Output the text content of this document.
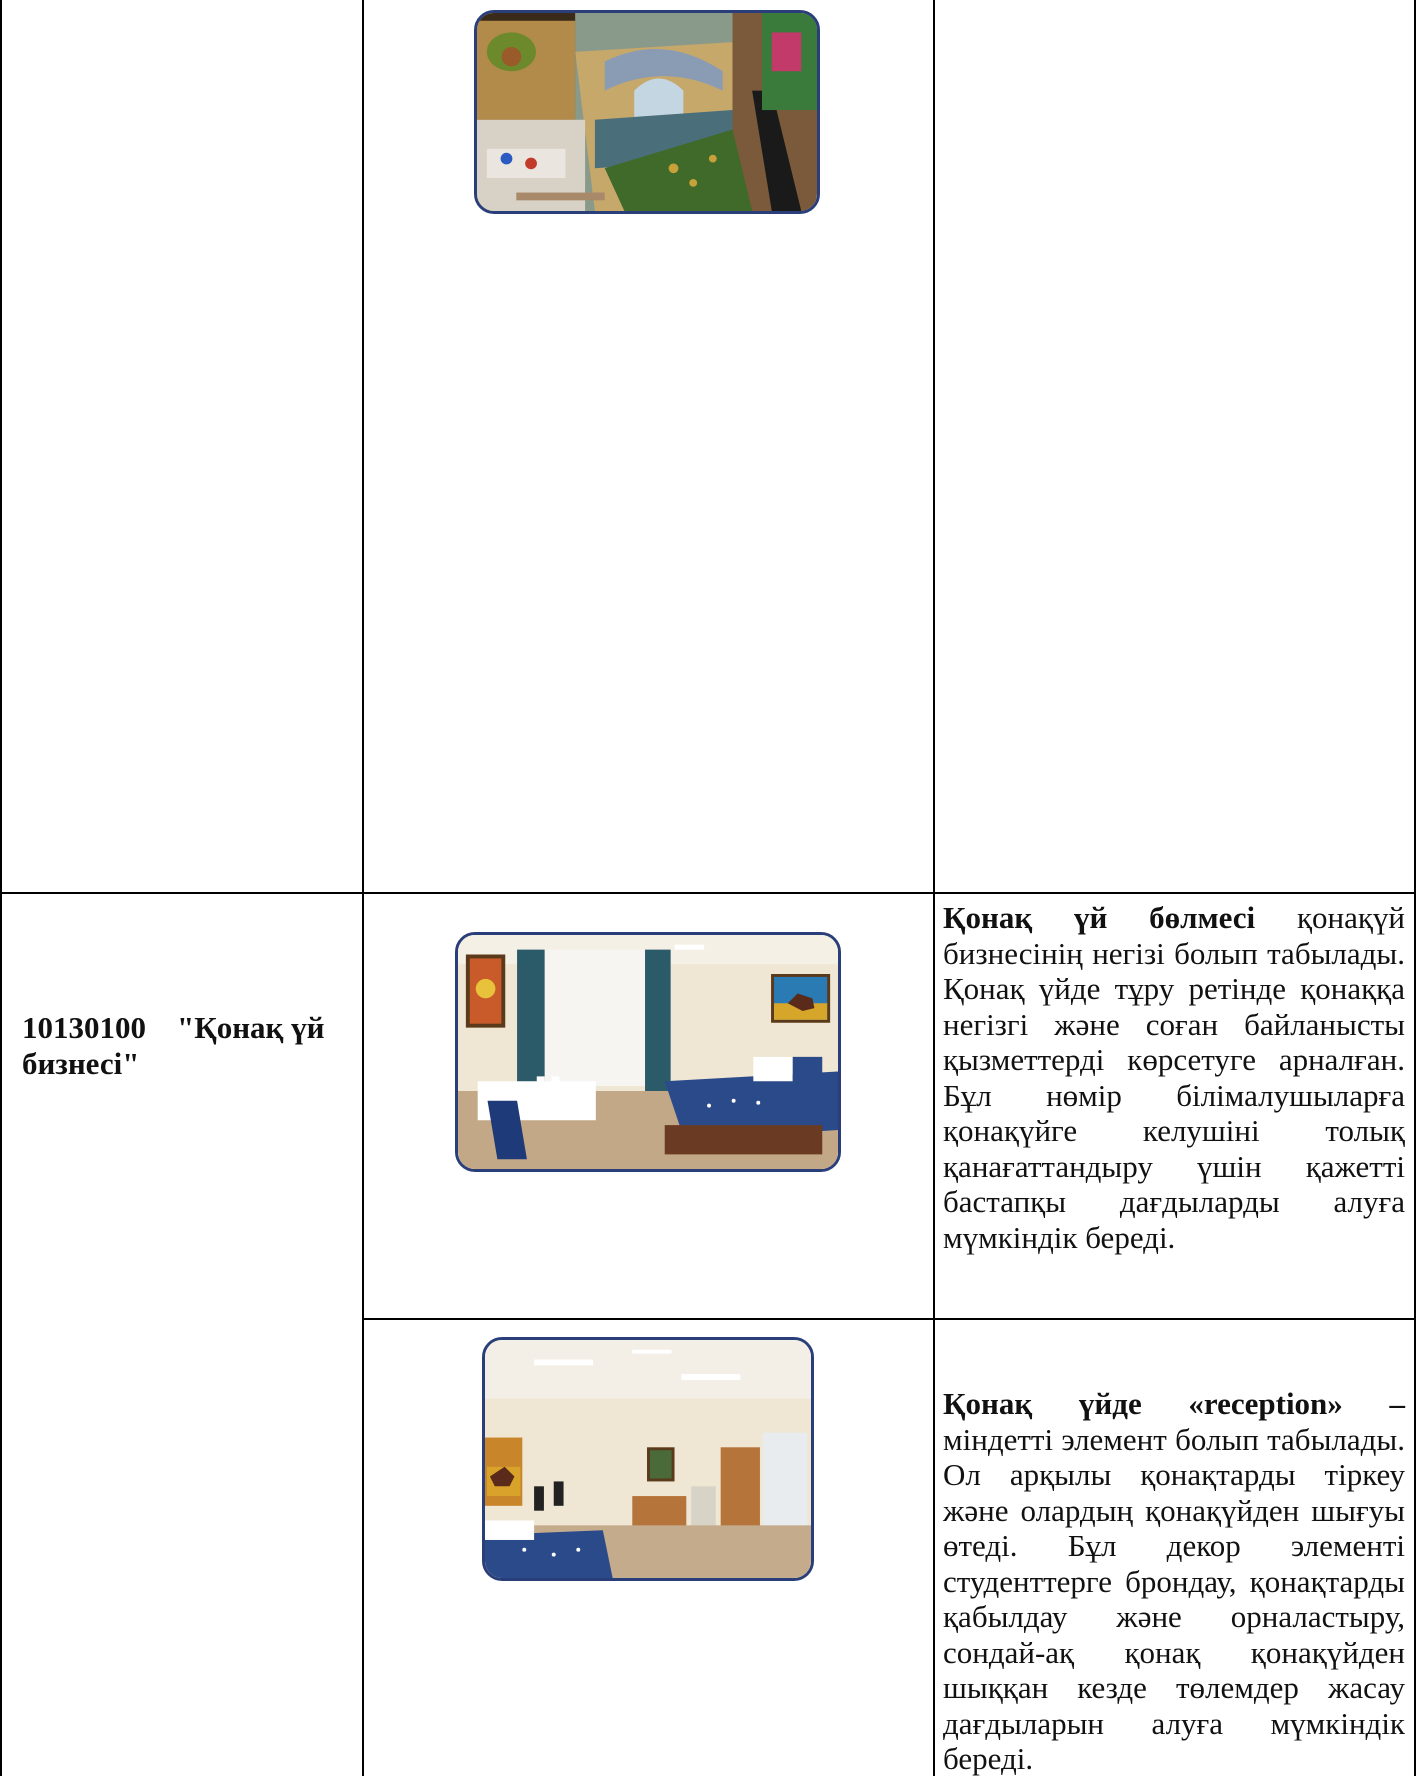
10130100 "Қонақ үй бизнесі"
Қонақ үй бөлмесі қонақүй бизнесінің негізі болып табылады. Қонақ үйде тұру ретінде қонаққа негізгі және соған байланысты қызметтерді көрсетуге арналған. Бұл нөмір білімалушыларға қонақүйге келушіні толық қанағаттандыру үшін қажетті бастапқы дағдыларды алуға мүмкіндік береді.
Қонақ үйде «reception» – міндетті элемент болып табылады. Ол арқылы қонақтарды тіркеу және олардың қонақүйден шығуы өтеді. Бұл декор элементі студенттерге брондау, қонақтарды қабылдау және орналастыру, сондай-ақ қонақ қонақүйден шыққан кезде төлемдер жасау дағдыларын алуға мүмкіндік береді.
